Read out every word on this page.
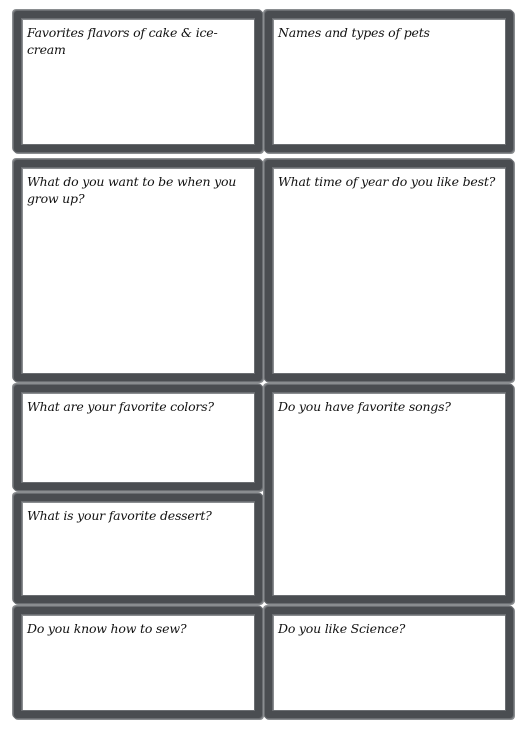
Favorites flavors of cake & ice-cream
Names and types of pets
What do you want to be when you grow up?
What time of year do you like best?
What are your favorite colors?	Do you have favorite songs?
What is your favorite dessert?
Do you know how to sew?	Do you like Science?
